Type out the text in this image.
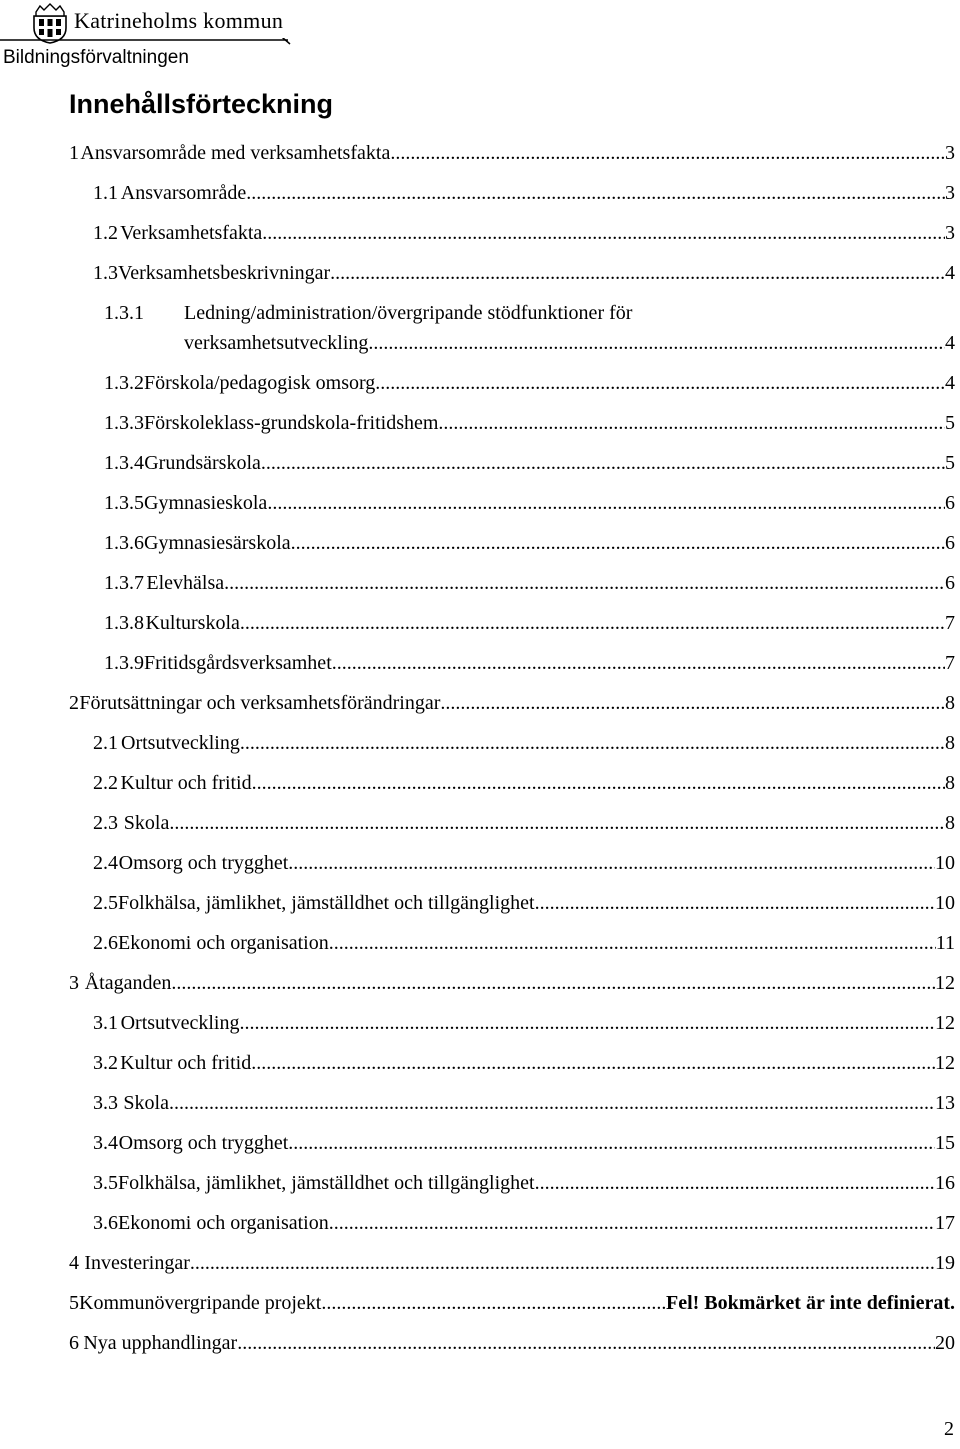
Katrineholms kommun
Bildningsförvaltningen
Innehållsförteckning
1 Ansvarsområde med verksamhetsfakta .....	3
1.1 Ansvarsområde .....	3
1.2 Verksamhetsfakta .....	3
1.3 Verksamhetsbeskrivningar .....	4
1.3.1	Ledning/administration/övergripande stödfunktioner för
verksamhetsutveckling .....	4
1.3.2 Förskola/pedagogisk omsorg .....	4
1.3.3 Förskoleklass-grundskola-fritidshem .....	5
1.3.4 Grundsärskola .....	5
1.3.5 Gymnasieskola .....	6
1.3.6 Gymnasiesärskola .....	6
1.3.7 Elevhälsa .....	6
1.3.8 Kulturskola .....	7
1.3.9 Fritidsgårdsverksamhet .....	7
2 Förutsättningar och verksamhetsförändringar .....	8
2.1 Ortsutveckling .....	8
2.2 Kultur och fritid .....	8
2.3 Skola .....	8
2.4 Omsorg och trygghet .....	10
2.5 Folkhälsa, jämlikhet, jämställdhet och tillgänglighet .....	10
2.6 Ekonomi och organisation .....	11
3 Åtaganden .....	12
3.1 Ortsutveckling .....	12
3.2 Kultur och fritid .....	12
3.3 Skola .....	13
3.4 Omsorg och trygghet .....	15
3.5 Folkhälsa, jämlikhet, jämställdhet och tillgänglighet .....	16
3.6 Ekonomi och organisation .....	17
4 Investeringar .....	19
5 Kommunövergripande projekt .....	Fel! Bokmärket är inte definierat.
6 Nya upphandlingar .....	20
2
